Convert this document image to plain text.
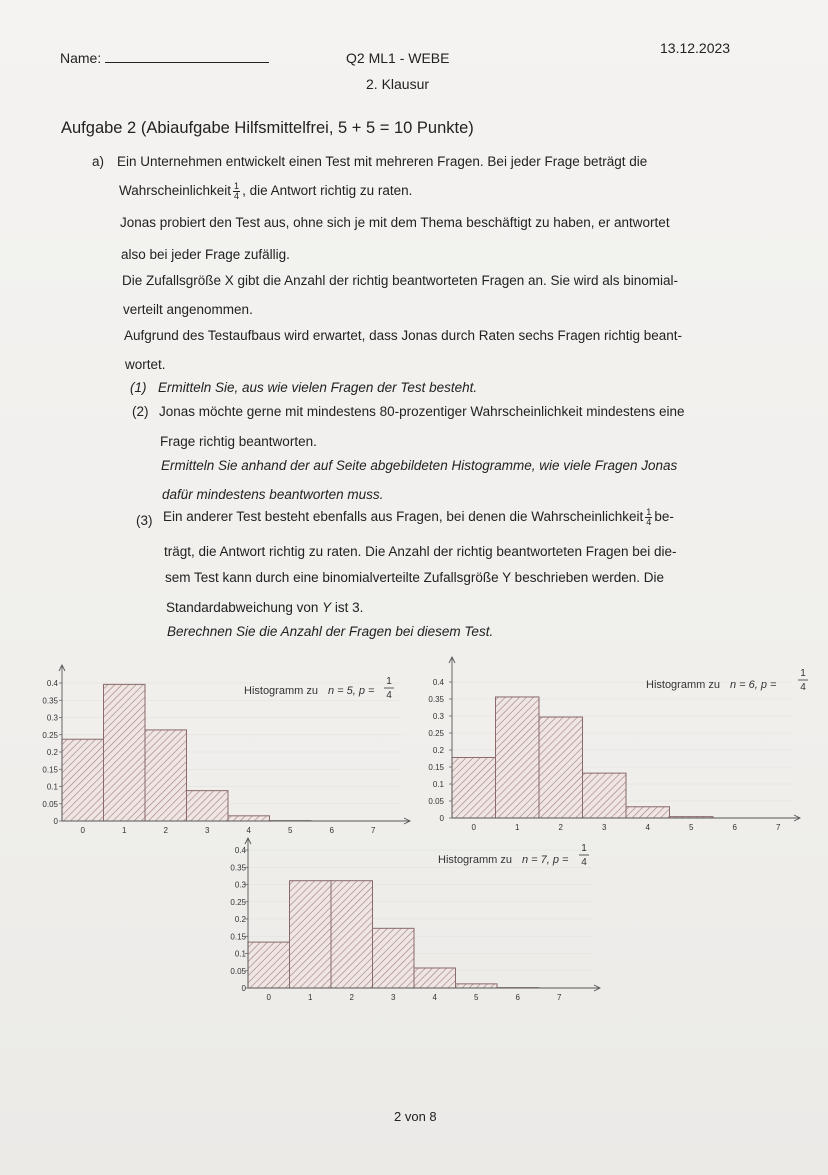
Name:	Q2 ML1 - WEBE
13.12.2023
2. Klausur
Aufgabe 2 (Abiaufgabe Hilfsmittelfrei, 5 + 5 = 10 Punkte)
a) Ein Unternehmen entwickelt einen Test mit mehreren Fragen. Bei jeder Frage beträgt die
Wahrscheinlichkeit $\frac{1}{4}$ , die Antwort richtig zu raten.
Jonas probiert den Test aus, ohne sich je mit dem Thema beschäftigt zu haben, er antwortet
also bei jeder Frage zufällig.
Die Zufallsgröße X gibt die Anzahl der richtig beantworteten Fragen an. Sie wird als binomial-
verteilt angenommen.
Aufgrund des Testaufbaus wird erwartet, dass Jonas durch Raten sechs Fragen richtig beant-
wortet.
(1) Ermitteln Sie, aus wie vielen Fragen der Test besteht.
(2) Jonas möchte gerne mit mindestens 80-prozentiger Wahrscheinlichkeit mindestens eine
Frage richtig beantworten.
Ermitteln Sie anhand der auf Seite abgebildeten Histogramme, wie viele Fragen Jonas
dafür mindestens beantworten muss.
(3) Ein anderer Test besteht ebenfalls aus Fragen, bei denen die Wahrscheinlichkeit $\frac{1}{4} be-$
trägt, die Antwort richtig zu raten. Die Anzahl der richtig beantworteten Fragen bei die-
sem Test kann durch eine binomialverteilte Zufallsgröße Y beschrieben werden. Die
Standardabweichung von Y ist 3.
Berechnen Sie die Anzahl der Fragen bei diesem Test.
0
0.05
0.1
0.15
0.2
0.25
0.3
0.35
0.4
0	1	2	3	4	5	6	7
Histogramm zu n = 5, p =
1
4
0
0.05
0.1
0.15
0.2
0.25
0.3
0.35
0.4
0	1	2	3	4	5	6	7
Histogramm zu n = 6, p =
1
4
0
0.05
0.1
0.15
0.2
0.25
0.3
0.35
0.4
0	1	2	3	4	5	6	7
Histogramm zu n = 7, p =
1
4
2 von 8
